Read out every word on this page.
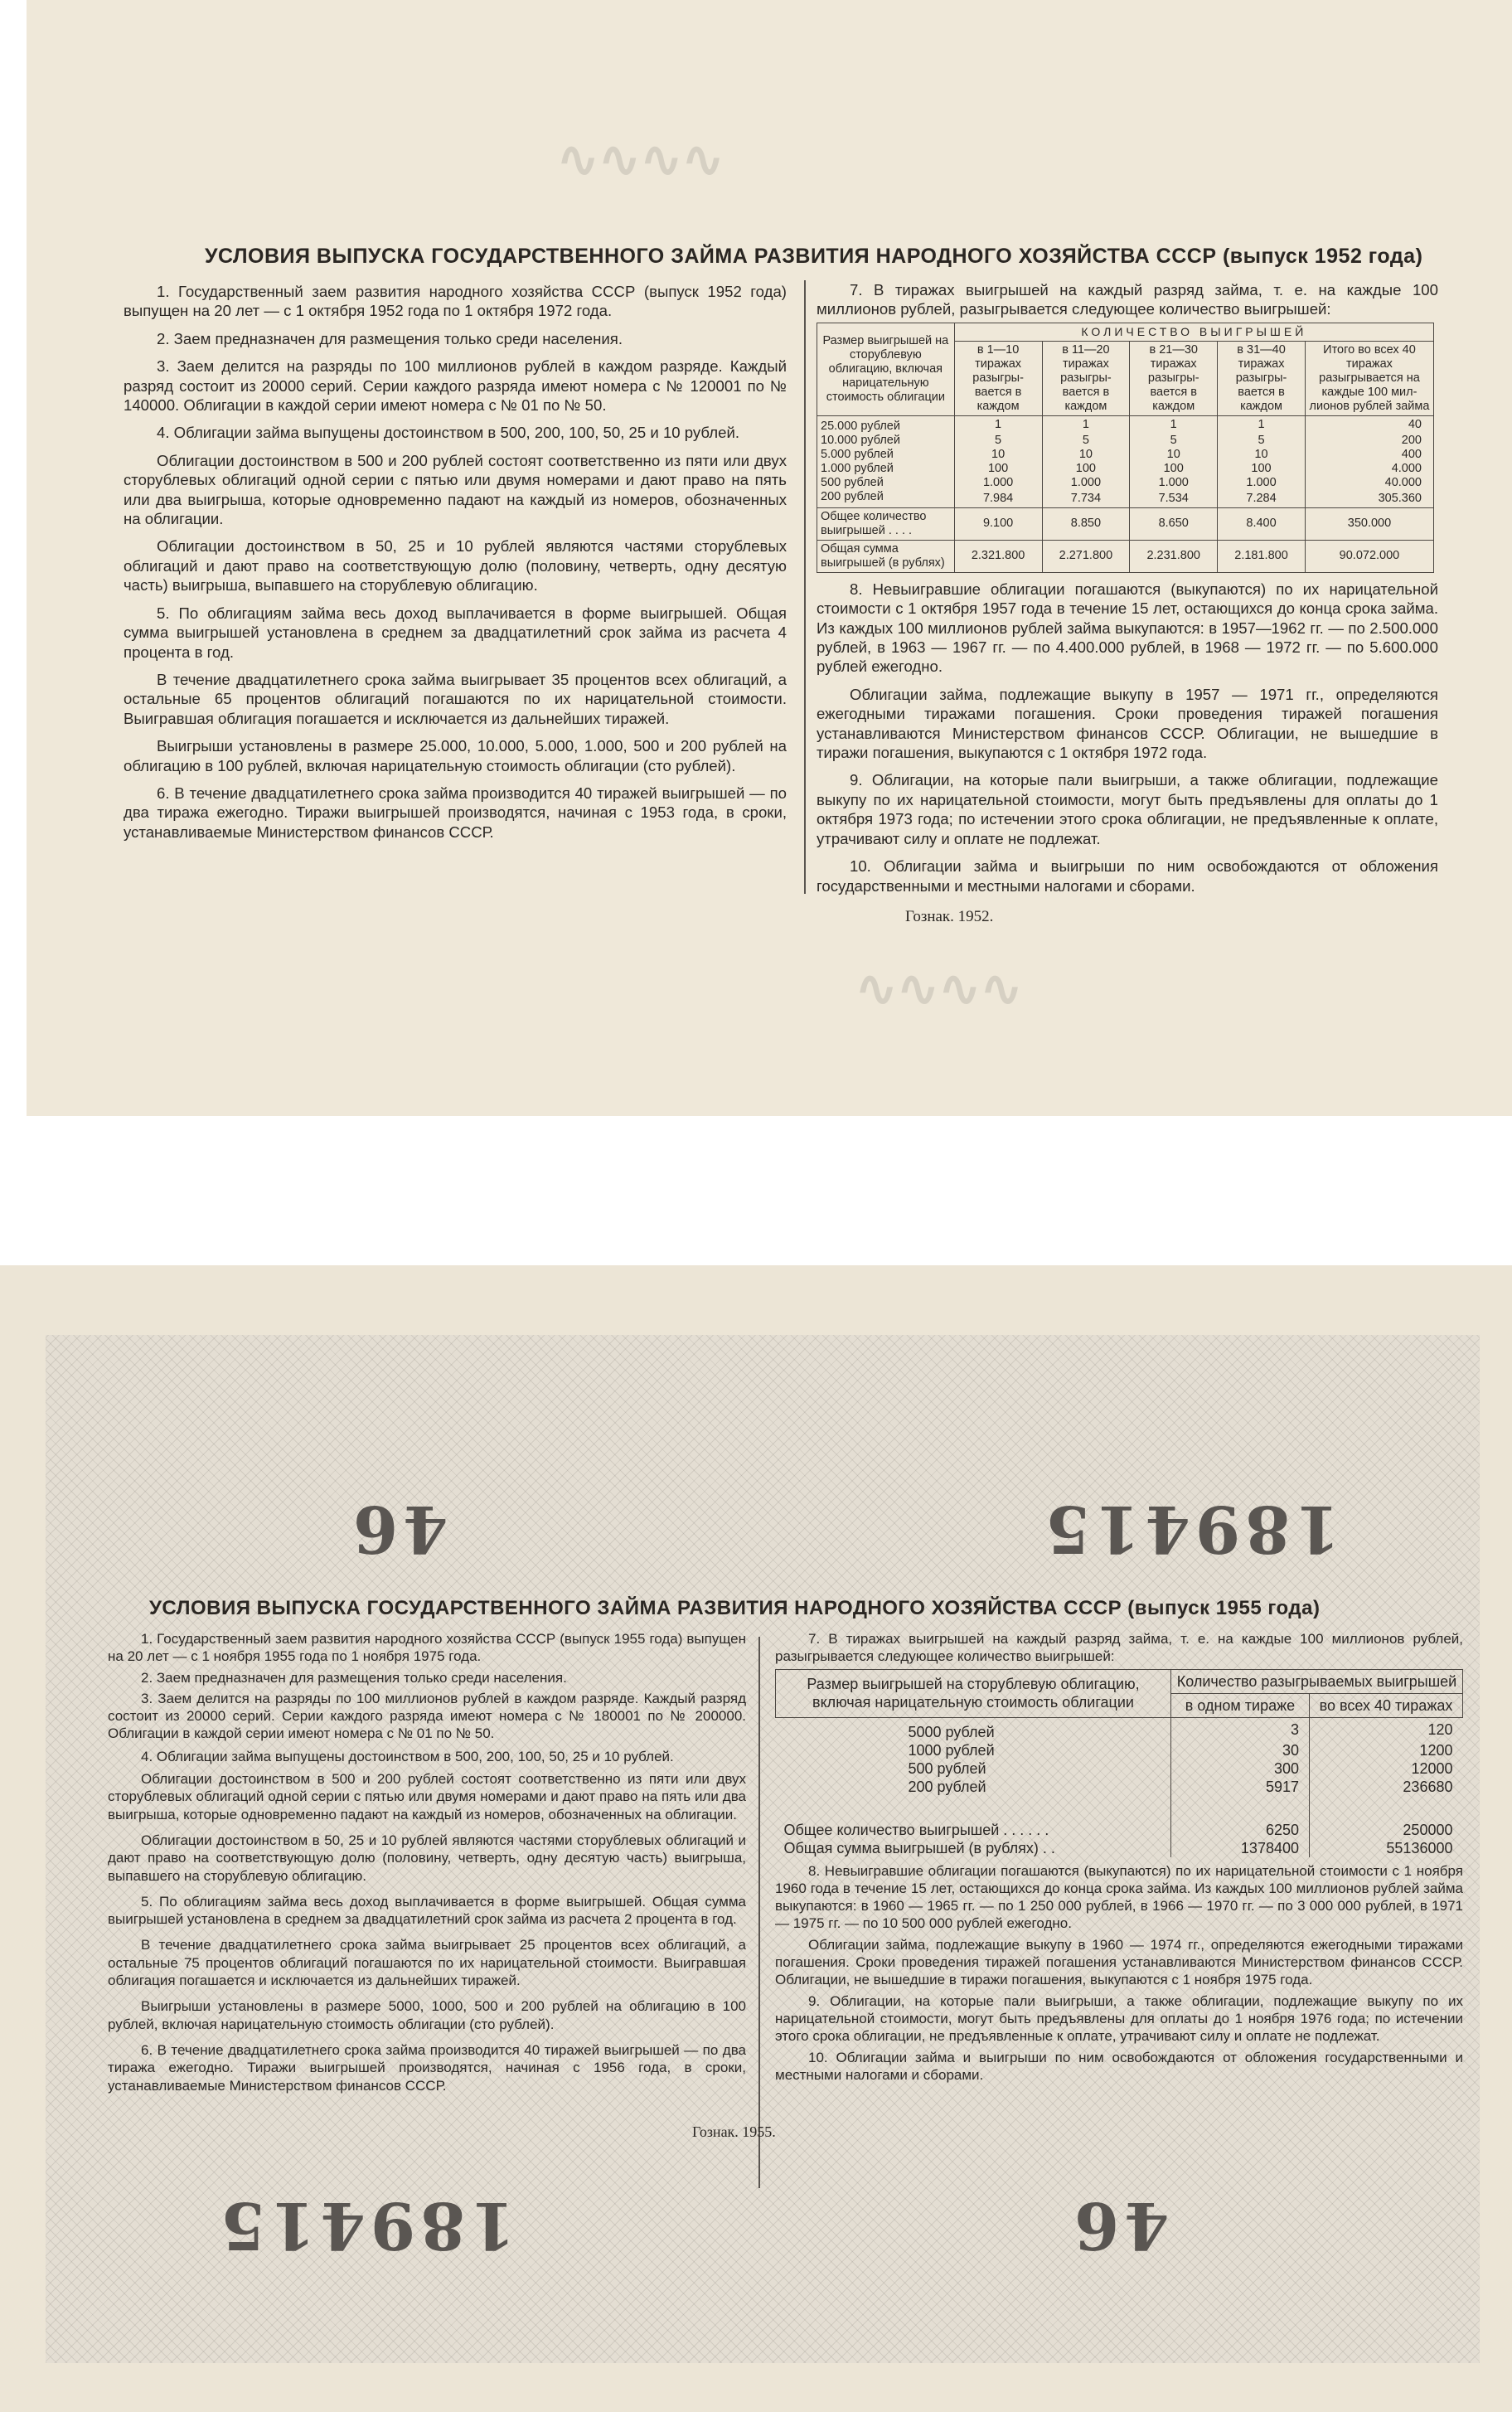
∿∿∿∿
∿∿∿∿
УСЛОВИЯ ВЫПУСКА ГОСУДАРСТВЕННОГО ЗАЙМА РАЗВИТИЯ НАРОДНОГО ХОЗЯЙСТВА СССР (выпуск 1952 года)

1. Государственный заем развития народного хозяйства СССР (выпуск 1952 года) выпущен на 20 лет — с 1 октября 1952 года по 1 октября 1972 года.

2. Заем предназначен для размещения только среди населения.

3. Заем делится на разряды по 100 миллионов рублей в каждом разряде. Каждый разряд состоит из 20000 серий. Серии каждого разряда имеют номера с № 120001 по № 140000. Облигации в каждой серии имеют номера с № 01 по № 50.

4. Облигации займа выпущены достоинством в 500, 200, 100, 50, 25 и 10 рублей.

Облигации достоинством в 500 и 200 рублей состоят соответственно из пяти или двух сторублевых облигаций одной серии с пятью или двумя номерами и дают право на пять или два выигрыша, которые одновременно падают на каждый из номеров, обозначенных на облигации.

Облигации достоинством в 50, 25 и 10 рублей являются частями сторублевых облигаций и дают право на соответствующую долю (половину, четверть, одну десятую часть) выигрыша, выпавшего на сторублевую облигацию.

5. По облигациям займа весь доход выплачивается в форме выигрышей. Общая сумма выигрышей установлена в среднем за двадцатилетний срок займа из расчета 4 процента в год.

В течение двадцатилетнего срока займа выигрывает 35 процентов всех облигаций, а остальные 65 процентов облигаций погашаются по их нарицательной стоимости. Выигравшая облигация погашается и исключается из дальнейших тиражей.

Выигрыши установлены в размере 25.000, 10.000, 5.000, 1.000, 500 и 200 рублей на облигацию в 100 рублей, включая нарицательную стоимость облигации (сто рублей).

6. В течение двадцатилетнего срока займа производится 40 тиражей выигрышей — по два тиража ежегодно. Тиражи выигрышей производятся, начиная с 1953 года, в сроки, устанавливаемые Министерством финансов СССР.

7. В тиражах выигрышей на каждый разряд займа, т. е. на каждые 100 миллионов рублей, разыгрывается следующее количество выигрышей:

Размер выигрышей на сторублевую облигацию, включая нарицательную стоимость облигации	КОЛИЧЕСТВО ВЫИГРЫШЕЙ				
	в 1—10 тиражах разыгры-вается в каждом	в 11—20 тиражах разыгры-вается в каждом	в 21—30 тиражах разыгры-вается в каждом	в 31—40 тиражах разыгры-вается в каждом	Итого во всех 40 тиражах разыгрывается на каждые 100 мил-лионов рублей займа
25.000 рублей	1	1	1	1	40
10.000 рублей	5	5	5	5	200
5.000 рублей	10	10	10	10	400
1.000 рублей	100	100	100	100	4.000
500 рублей	1.000	1.000	1.000	1.000	40.000
200 рублей	7.984	7.734	7.534	7.284	305.360
Общее количество выигрышей . . . .	9.100	8.850	8.650	8.400	350.000
Общая сумма выигрышей (в рублях)	2.321.800	2.271.800	2.231.800	2.181.800	90.072.000

8. Невыигравшие облигации погашаются (выкупаются) по их нарицательной стоимости с 1 октября 1957 года в течение 15 лет, остающихся до конца срока займа. Из каждых 100 миллионов рублей займа выкупаются: в 1957—1962 гг. — по 2.500.000 рублей, в 1963 — 1967 гг. — по 4.400.000 рублей, в 1968 — 1972 гг. — по 5.600.000 рублей ежегодно.

Облигации займа, подлежащие выкупу в 1957 — 1971 гг., определяются ежегодными тиражами погашения. Сроки проведения тиражей погашения устанавливаются Министерством финансов СССР. Облигации, не вышедшие в тиражи погашения, выкупаются с 1 октября 1972 года.

9. Облигации, на которые пали выигрыши, а также облигации, подлежащие выкупу по их нарицательной стоимости, могут быть предъявлены для оплаты до 1 октября 1973 года; по истечении этого срока облигации, не предъявленные к оплате, утрачивают силу и оплате не подлежат.

10. Облигации займа и выигрыши по ним освобождаются от обложения государственными и местными налогами и сборами.

Гознак. 1952.
189415
46
УСЛОВИЯ ВЫПУСКА ГОСУДАРСТВЕННОГО ЗАЙМА РАЗВИТИЯ НАРОДНОГО ХОЗЯЙСТВА СССР (выпуск 1955 года)

1. Государственный заем развития народного хозяйства СССР (выпуск 1955 года) выпущен на 20 лет — с 1 ноября 1955 года по 1 ноября 1975 года.

2. Заем предназначен для размещения только среди населения.

3. Заем делится на разряды по 100 миллионов рублей в каждом разряде. Каждый разряд состоит из 20000 серий. Серии каждого разряда имеют номера с № 180001 по № 200000. Облигации в каждой серии имеют номера с № 01 по № 50.

4. Облигации займа выпущены достоинством в 500, 200, 100, 50, 25 и 10 рублей.

Облигации достоинством в 500 и 200 рублей состоят соответственно из пяти или двух сторублевых облигаций одной серии с пятью или двумя номерами и дают право на пять или два выигрыша, которые одновременно падают на каждый из номеров, обозначенных на облигации.

Облигации достоинством в 50, 25 и 10 рублей являются частями сторублевых облигаций и дают право на соответствующую долю (половину, четверть, одну десятую часть) выигрыша, выпавшего на сторублевую облигацию.

5. По облигациям займа весь доход выплачивается в форме выигрышей. Общая сумма выигрышей установлена в среднем за двадцатилетний срок займа из расчета 2 процента в год.

В течение двадцатилетнего срока займа выигрывает 25 процентов всех облигаций, а остальные 75 процентов облигаций погашаются по их нарицательной стоимости. Выигравшая облигация погашается и исключается из дальнейших тиражей.

Выигрыши установлены в размере 5000, 1000, 500 и 200 рублей на облигацию в 100 рублей, включая нарицательную стоимость облигации (сто рублей).

6. В течение двадцатилетнего срока займа производится 40 тиражей выигрышей — по два тиража ежегодно. Тиражи выигрышей производятся, начиная с 1956 года, в сроки, устанавливаемые Министерством финансов СССР.

7. В тиражах выигрышей на каждый разряд займа, т. е. на каждые 100 миллионов рублей, разыгрывается следующее количество выигрышей:

Размер выигрышей на сторублевую облигацию, включая нарицательную стоимость облигации	Количество разыгрываемых выигрышей	
	в одном тираже	во всех 40 тиражах
5000 рублей	3	120
1000 рублей	30	1200
500 рублей	300	12000
200 рублей	5917	236680
Общее количество выигрышей . . . . . .	6250	250000
Общая сумма выигрышей (в рублях) . .	1378400	55136000

8. Невыигравшие облигации погашаются (выкупаются) по их нарицательной стоимости с 1 ноября 1960 года в течение 15 лет, остающихся до конца срока займа. Из каждых 100 миллионов рублей займа выкупаются: в 1960 — 1965 гг. — по 1 250 000 рублей, в 1966 — 1970 гг. — по 3 000 000 рублей, в 1971 — 1975 гг. — по 10 500 000 рублей ежегодно.

Облигации займа, подлежащие выкупу в 1960 — 1974 гг., определяются ежегодными тиражами погашения. Сроки проведения тиражей погашения устанавливаются Министерством финансов СССР. Облигации, не вышедшие в тиражи погашения, выкупаются с 1 ноября 1975 года.

9. Облигации, на которые пали выигрыши, а также облигации, подлежащие выкупу по их нарицательной стоимости, могут быть предъявлены для оплаты до 1 ноября 1976 года; по истечении этого срока облигации, не предъявленные к оплате, утрачивают силу и оплате не подлежат.

10. Облигации займа и выигрыши по ним освобождаются от обложения государственными и местными налогами и сборами.

Гознак. 1955.
189415	46
